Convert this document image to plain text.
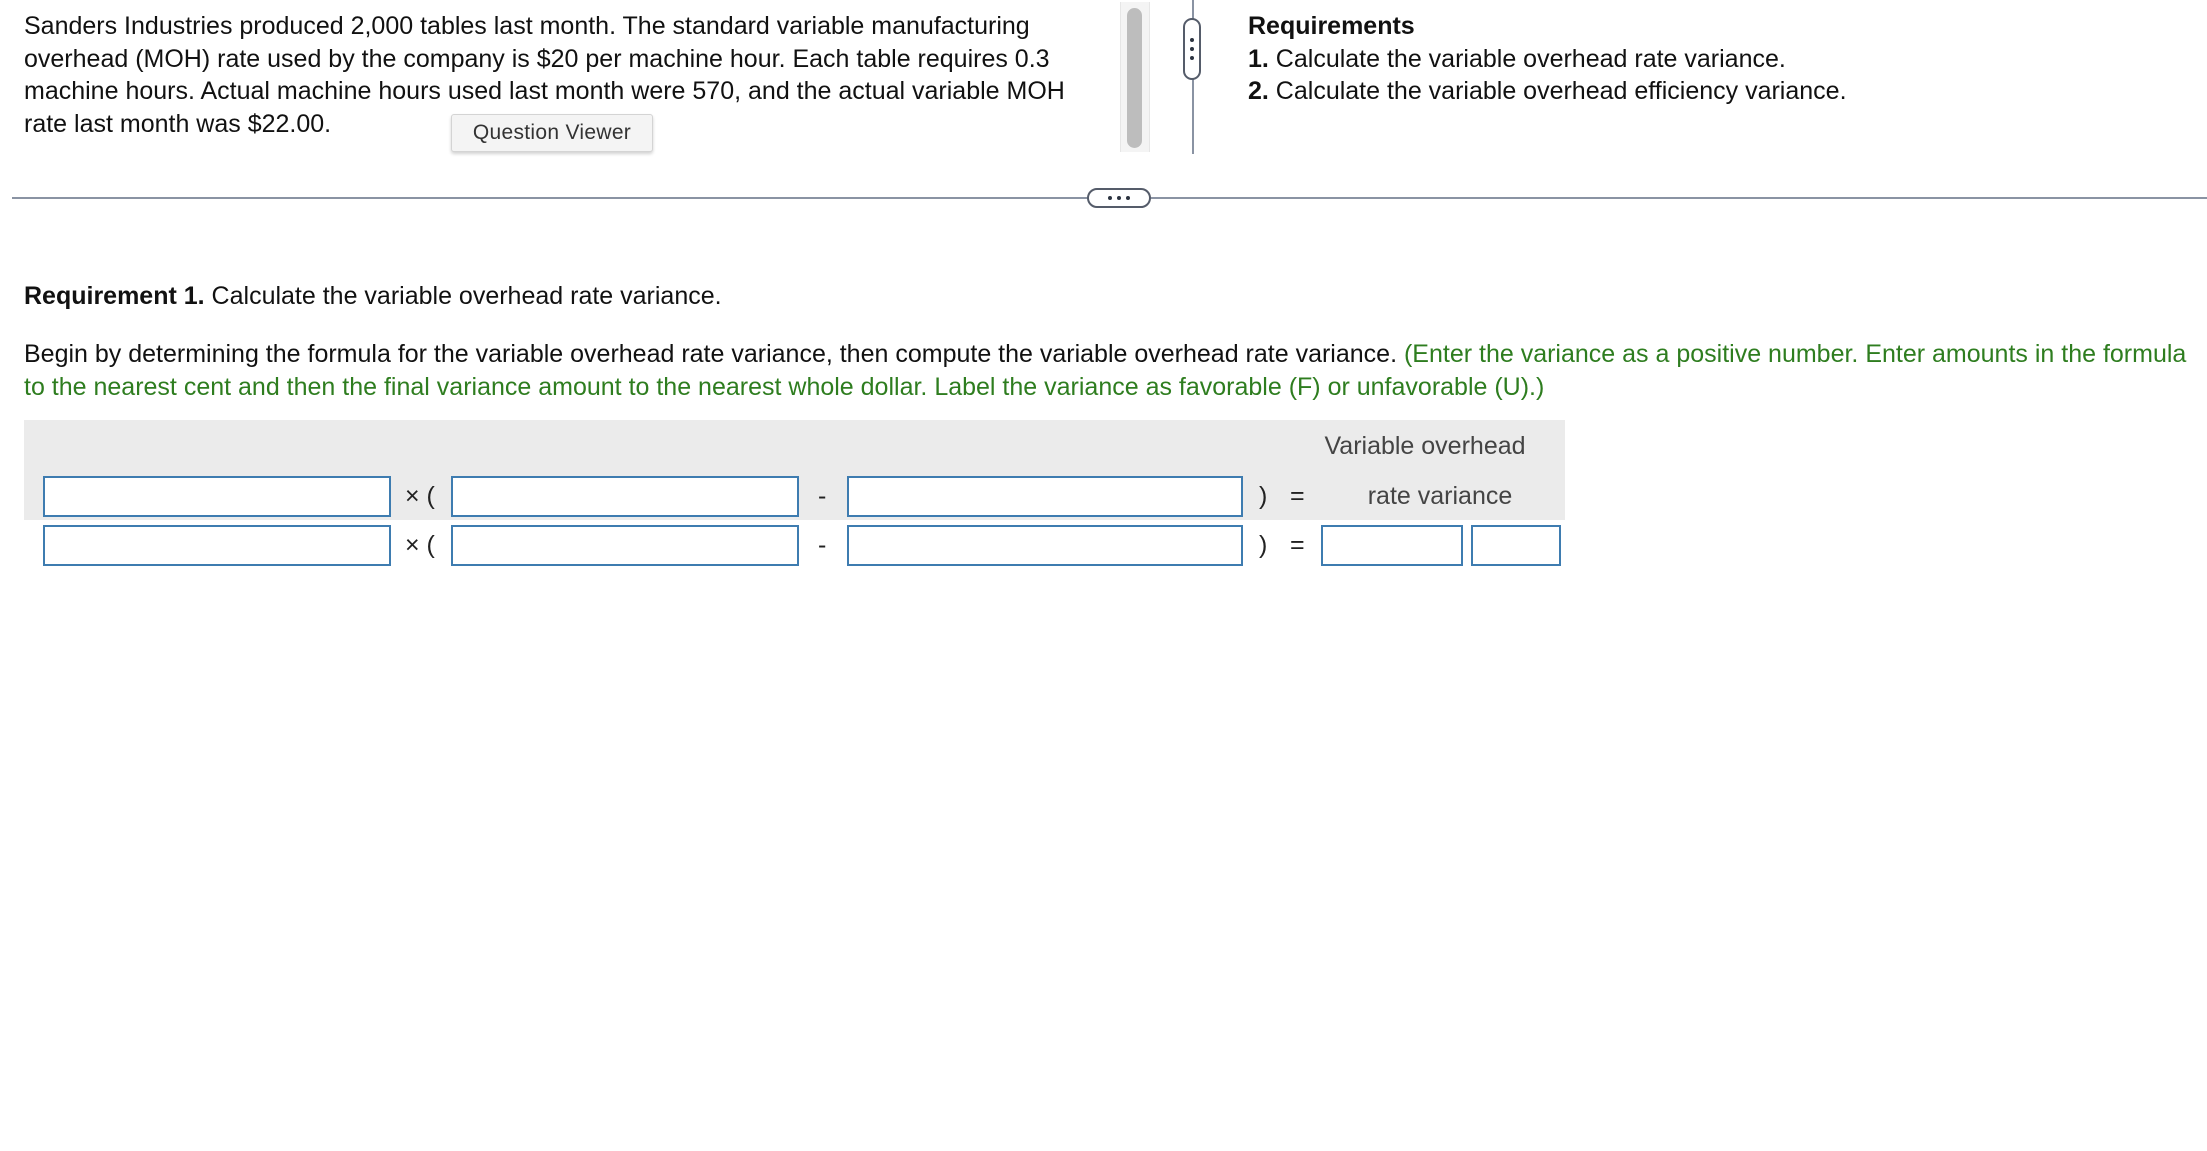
Sanders Industries produced 2,000 tables last month. The standard variable manufacturing
overhead (MOH) rate used by the company is $20 per machine hour. Each table requires 0.3
machine hours. Actual machine hours used last month were 570, and the actual variable MOH
rate last month was $22.00.	Question Viewer
Requirements
1. Calculate the variable overhead rate variance.
2. Calculate the variable overhead efficiency variance.
Requirement 1. Calculate the variable overhead rate variance.
Begin by determining the formula for the variable overhead rate variance, then compute the variable overhead rate variance. (Enter the variance as a positive number. Enter amounts in the formula to the nearest cent and then the final variance amount to the nearest whole dollar. Label the variance as favorable (F) or unfavorable (U).)
Variable overhead
rate variance
× (	-	) =
× (	-	) =
